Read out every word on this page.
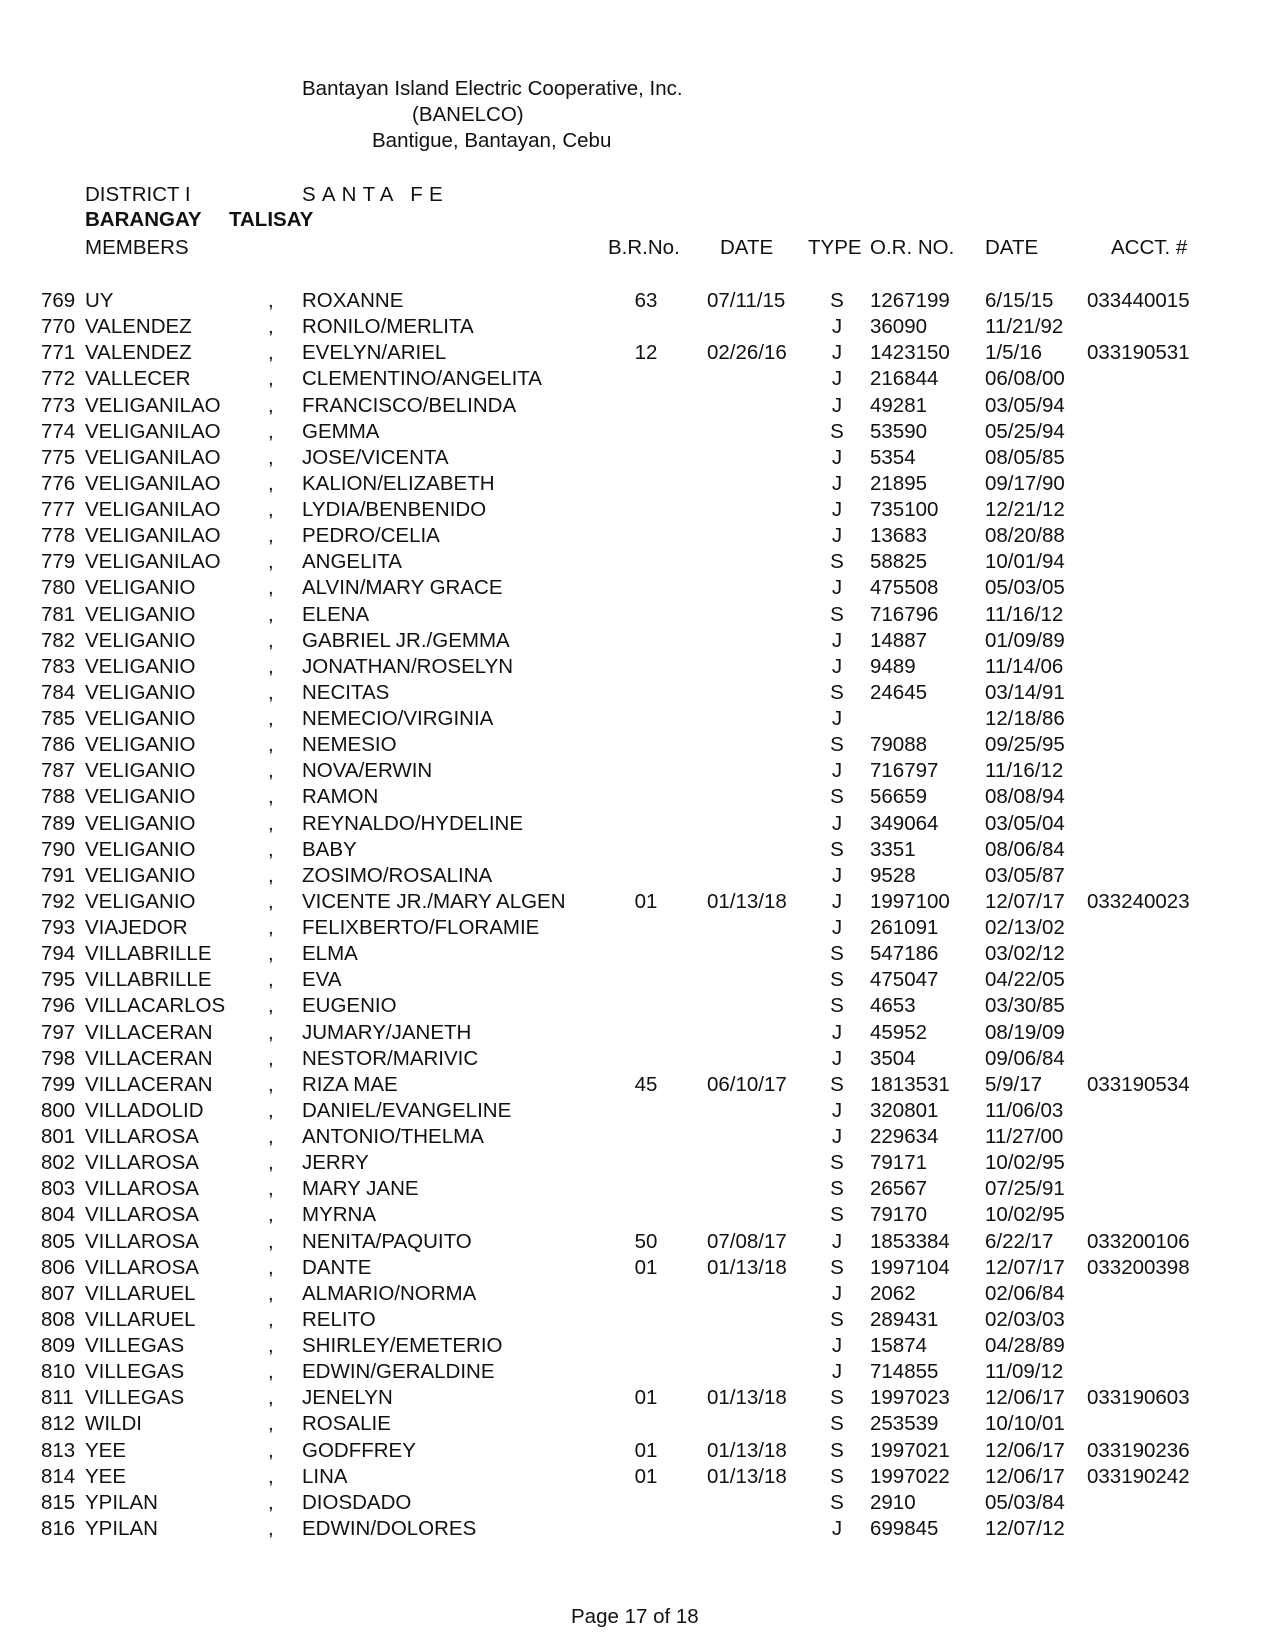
Bantayan Island Electric Cooperative, Inc.
(BANELCO)
Bantigue, Bantayan, Cebu
DISTRICT I	SANTA FE
BARANGAY TALISAY
MEMBERS	B.R.No. DATE TYPE O.R. NO. DATE	ACCT. #
769 UY	, ROXANNE	63 07/11/15 S 1267199 6/15/15 033440015
770 VALENDEZ	, RONILO/MERLITA	J 36090	11/21/92
771 VALENDEZ	, EVELYN/ARIEL	12 02/26/16 J 1423150 1/5/16 033190531
772 VALLECER	, CLEMENTINO/ANGELITA	J 216844 06/08/00
773 VELIGANILAO , FRANCISCO/BELINDA	J 49281	03/05/94
774 VELIGANILAO , GEMMA	S 53590	05/25/94
775 VELIGANILAO , JOSE/VICENTA	J 5354	08/05/85
776 VELIGANILAO , KALION/ELIZABETH	J 21895	09/17/90
777 VELIGANILAO , LYDIA/BENBENIDO	J 735100 12/21/12
778 VELIGANILAO , PEDRO/CELIA	J 13683	08/20/88
779 VELIGANILAO , ANGELITA	S 58825	10/01/94
780 VELIGANIO	, ALVIN/MARY GRACE	J 475508 05/03/05
781 VELIGANIO	, ELENA	S 716796 11/16/12
782 VELIGANIO	, GABRIEL JR./GEMMA	J 14887	01/09/89
783 VELIGANIO	, JONATHAN/ROSELYN	J 9489	11/14/06
784 VELIGANIO	, NECITAS	S 24645	03/14/91
785 VELIGANIO	, NEMECIO/VIRGINIA	J	12/18/86
786 VELIGANIO	, NEMESIO	S 79088	09/25/95
787 VELIGANIO	, NOVA/ERWIN	J 716797 11/16/12
788 VELIGANIO	, RAMON	S 56659	08/08/94
789 VELIGANIO	, REYNALDO/HYDELINE	J 349064 03/05/04
790 VELIGANIO	, BABY	S 3351	08/06/84
791 VELIGANIO	, ZOSIMO/ROSALINA	J 9528	03/05/87
792 VELIGANIO	, VICENTE JR./MARY ALGEN	01 01/13/18 J 1997100 12/07/17 033240023
793 VIAJEDOR	, FELIXBERTO/FLORAMIE	J 261091 02/13/02
794 VILLABRILLE	, ELMA	S 547186 03/02/12
795 VILLABRILLE	, EVA	S 475047 04/22/05
796 VILLACARLOS , EUGENIO	S 4653	03/30/85
797 VILLACERAN	, JUMARY/JANETH	J 45952	08/19/09
798 VILLACERAN	, NESTOR/MARIVIC	J 3504	09/06/84
799 VILLACERAN	, RIZA MAE	45 06/10/17 S 1813531 5/9/17 033190534
800 VILLADOLID	, DANIEL/EVANGELINE	J 320801 11/06/03
801 VILLAROSA	, ANTONIO/THELMA	J 229634 11/27/00
802 VILLAROSA	, JERRY	S 79171	10/02/95
803 VILLAROSA	, MARY JANE	S 26567	07/25/91
804 VILLAROSA	, MYRNA	S 79170	10/02/95
805 VILLAROSA	, NENITA/PAQUITO	50 07/08/17 J 1853384 6/22/17 033200106
806 VILLAROSA	, DANTE	01 01/13/18 S 1997104 12/07/17 033200398
807 VILLARUEL	, ALMARIO/NORMA	J 2062	02/06/84
808 VILLARUEL	, RELITO	S 289431 02/03/03
809 VILLEGAS	, SHIRLEY/EMETERIO	J 15874	04/28/89
810 VILLEGAS	, EDWIN/GERALDINE	J 714855 11/09/12
811 VILLEGAS	, JENELYN	01 01/13/18 S 1997023 12/06/17 033190603
812 WILDI	, ROSALIE	S 253539 10/10/01
813 YEE	, GODFFREY	01 01/13/18 S 1997021 12/06/17 033190236
814 YEE	, LINA	01 01/13/18 S 1997022 12/06/17 033190242
815 YPILAN	, DIOSDADO	S 2910	05/03/84
816 YPILAN	, EDWIN/DOLORES	J 699845 12/07/12
Page 17 of 18
